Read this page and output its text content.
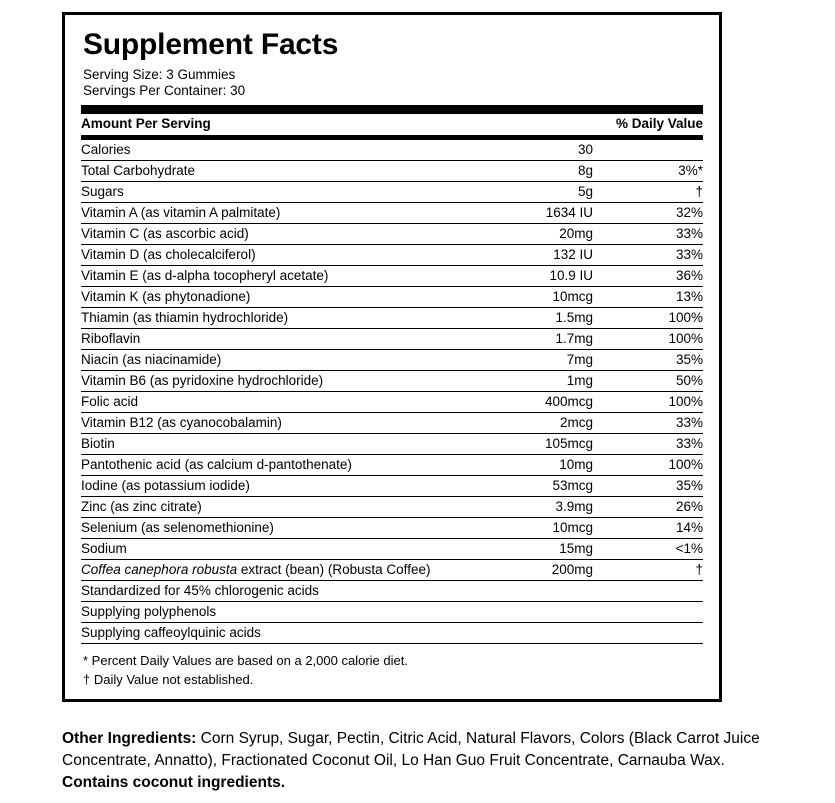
Supplement Facts
Serving Size: 3 Gummies
Servings Per Container: 30
Amount Per Serving		% Daily Value
Calories	30	
Total Carbohydrate	8g	3%*
Sugars	5g	†
Vitamin A (as vitamin A palmitate)	1634 IU	32%
Vitamin C (as ascorbic acid)	20mg	33%
Vitamin D (as cholecalciferol)	132 IU	33%
Vitamin E (as d-alpha tocopheryl acetate)	10.9 IU	36%
Vitamin K (as phytonadione)	10mcg	13%
Thiamin (as thiamin hydrochloride)	1.5mg	100%
Riboflavin	1.7mg	100%
Niacin (as niacinamide)	7mg	35%
Vitamin B6 (as pyridoxine hydrochloride)	1mg	50%
Folic acid	400mcg	100%
Vitamin B12 (as cyanocobalamin)	2mcg	33%
Biotin	105mcg	33%
Pantothenic acid (as calcium d-pantothenate)	10mg	100%
Iodine (as potassium iodide)	53mcg	35%
Zinc (as zinc citrate)	3.9mg	26%
Selenium (as selenomethionine)	10mcg	14%
Sodium	15mg	<1%
Coffea canephora robusta extract (bean) (Robusta Coffee)	200mg	†
Standardized for 45% chlorogenic acids		
Supplying polyphenols		
Supplying caffeoylquinic acids		
* Percent Daily Values are based on a 2,000 calorie diet.
† Daily Value not established.
Other Ingredients: Corn Syrup, Sugar, Pectin, Citric Acid, Natural Flavors, Colors (Black Carrot Juice Concentrate, Annatto), Fractionated Coconut Oil, Lo Han Guo Fruit Concentrate, Carnauba Wax. Contains coconut ingredients.
